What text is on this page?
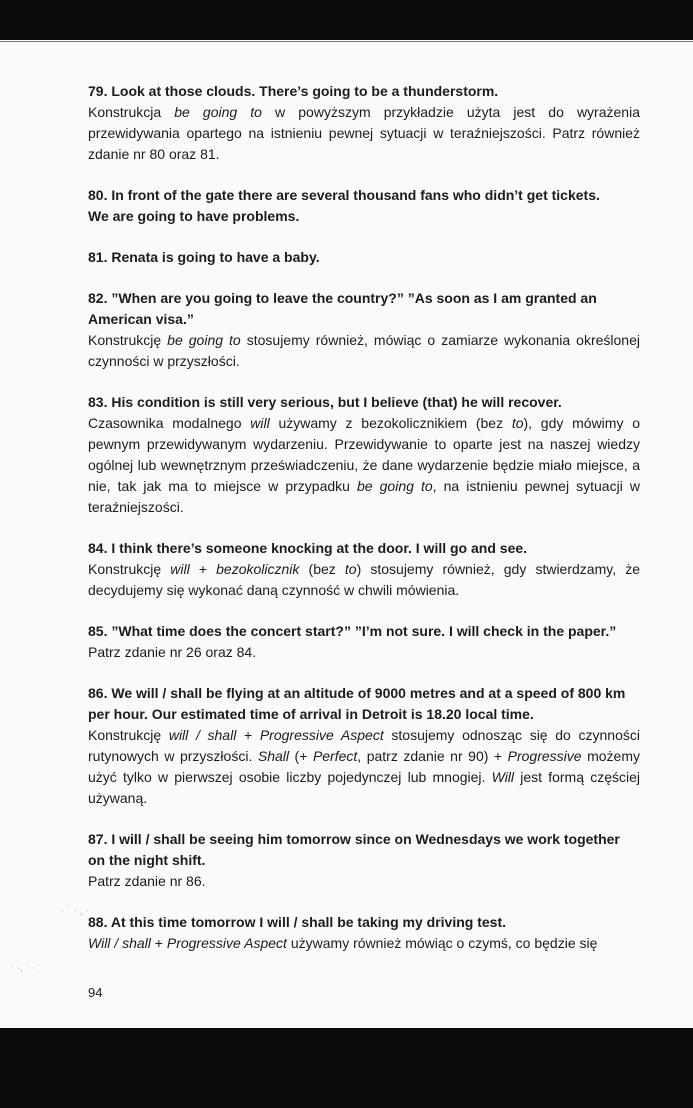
79. Look at those clouds. There’s going to be a thunderstorm.

Konstrukcja be going to w powyższym przykładzie użyta jest do wyrażenia przewidywania opartego na istnieniu pewnej sytuacji w teraźniejszości. Patrz również zdanie nr 80 oraz 81.

80. In front of the gate there are several thousand fans who didn’t get tickets.

We are going to have problems.

81. Renata is going to have a baby.

82. ”When are you going to leave the country?” ”As soon as I am granted an American visa.”

Konstrukcję be going to stosujemy również, mówiąc o zamiarze wykonania określonej czynności w przyszłości.

83. His condition is still very serious, but I believe (that) he will recover.

Czasownika modalnego will używamy z bezokolicznikiem (bez to), gdy mówimy o pewnym przewidywanym wydarzeniu. Przewidywanie to oparte jest na naszej wiedzy ogólnej lub wewnętrznym przeświadczeniu, że dane wydarzenie będzie miało miejsce, a nie, tak jak ma to miejsce w przypadku be going to, na istnieniu pewnej sytuacji w teraźniejszości.

84. I think there’s someone knocking at the door. I will go and see.

Konstrukcję will + bezokolicznik (bez to) stosujemy również, gdy stwierdzamy, że decydujemy się wykonać daną czynność w chwili mówienia.

85. ”What time does the concert start?” ”I’m not sure. I will check in the paper.”

Patrz zdanie nr 26 oraz 84.

86. We will / shall be flying at an altitude of 9000 metres and at a speed of 800 km per hour. Our estimated time of arrival in Detroit is 18.20 local time.

Konstrukcję will / shall + Progressive Aspect stosujemy odnosząc się do czynności rutynowych w przyszłości. Shall (+ Perfect, patrz zdanie nr 90) + Progressive możemy użyć tylko w pierwszej osobie liczby pojedynczej lub mnogiej. Will jest formą częściej używaną.

87. I will / shall be seeing him tomorrow since on Wednesdays we work together on the night shift.

Patrz zdanie nr 86.

88. At this time tomorrow I will / shall be taking my driving test.

Will / shall + Progressive Aspect używamy również mówiąc o czymś, co będzie się

94
· ˙ · ‚ ·
· ·‚ ˙ ·
